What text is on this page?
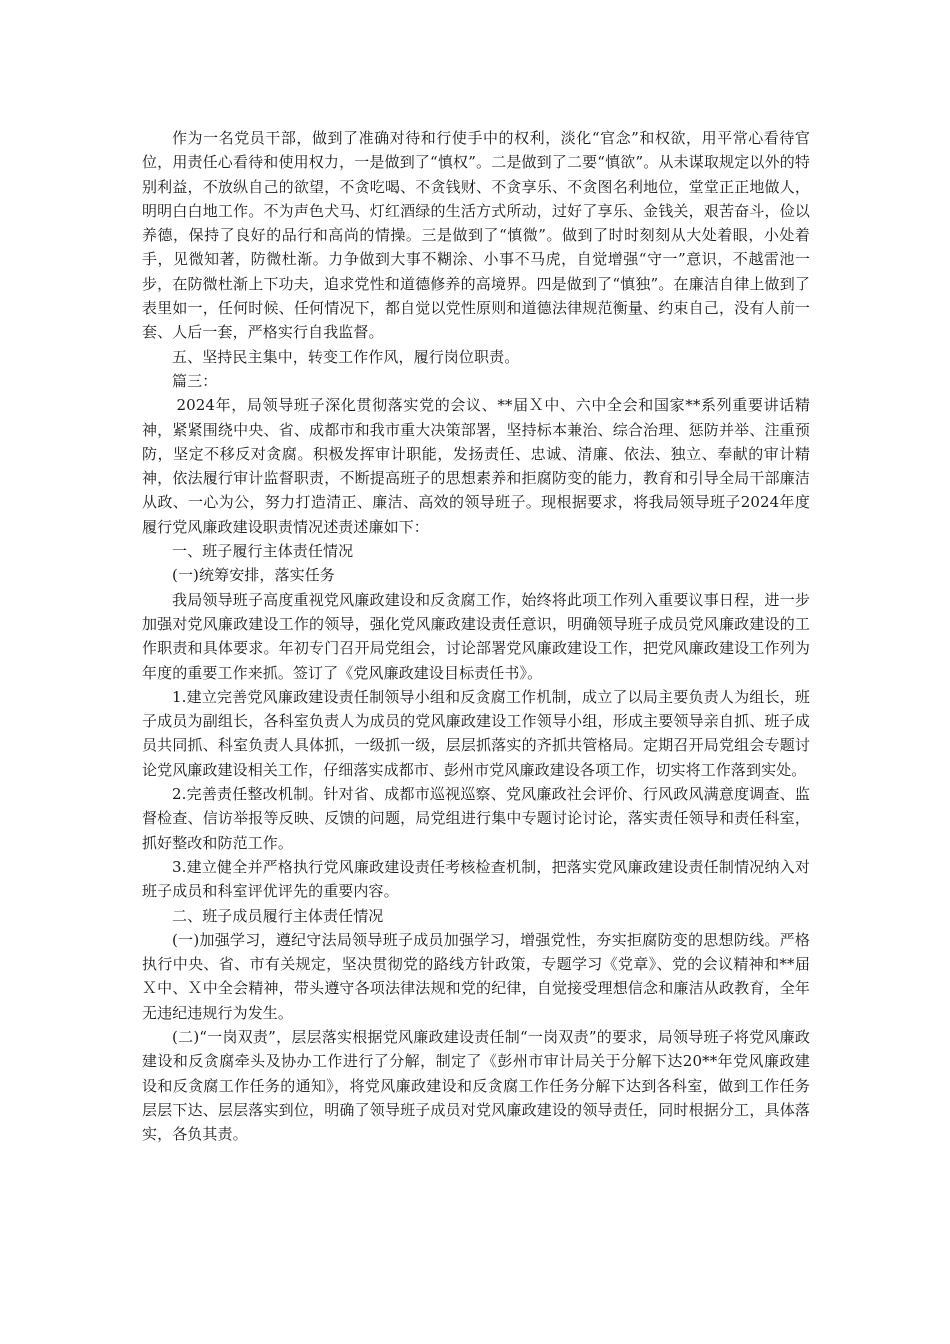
作为一名党员干部，做到了准确对待和行使手中的权利，淡化“官念”和权欲，用平常心看待官位，用责任心看待和使用权力，一是做到了“慎权”。二是做到了二要“慎欲”。从未谋取规定以外的特别利益，不放纵自己的欲望，不贪吃喝、不贪钱财、不贪享乐、不贪图名利地位，堂堂正正地做人，明明白白地工作。不为声色犬马、灯红酒绿的生活方式所动，过好了享乐、金钱关，艰苦奋斗，俭以养德，保持了良好的品行和高尚的情操。三是做到了“慎微”。做到了时时刻刻从大处着眼，小处着手，见微知著，防微杜渐。力争做到大事不糊涂、小事不马虎，自觉增强“守一”意识，不越雷池一步，在防微杜渐上下功夫，追求党性和道德修养的高境界。四是做到了“慎独”。在廉洁自律上做到了表里如一，任何时候、任何情况下，都自觉以党性原则和道德法律规范衡量、约束自己，没有人前一套、人后一套，严格实行自我监督。

五、坚持民主集中，转变工作作风，履行岗位职责。

篇三：

2024年，局领导班子深化贯彻落实党的会议、**届Ｘ中、六中全会和国家**系列重要讲话精神，紧紧围绕中央、省、成都市和我市重大决策部署，坚持标本兼治、综合治理、惩防并举、注重预防，坚定不移反对贪腐。积极发挥审计职能，发扬责任、忠诚、清廉、依法、独立、奉献的审计精神，依法履行审计监督职责，不断提高班子的思想素养和拒腐防变的能力，教育和引导全局干部廉洁从政、一心为公，努力打造清正、廉洁、高效的领导班子。现根据要求，将我局领导班子2024年度履行党风廉政建设职责情况述责述廉如下：

一、班子履行主体责任情况

(一)统筹安排，落实任务

我局领导班子高度重视党风廉政建设和反贪腐工作，始终将此项工作列入重要议事日程，进一步加强对党风廉政建设工作的领导，强化党风廉政建设责任意识，明确领导班子成员党风廉政建设的工作职责和具体要求。年初专门召开局党组会，讨论部署党风廉政建设工作，把党风廉政建设工作列为年度的重要工作来抓。签订了《党风廉政建设目标责任书》。

1.建立完善党风廉政建设责任制领导小组和反贪腐工作机制，成立了以局主要负责人为组长，班子成员为副组长，各科室负责人为成员的党风廉政建设工作领导小组，形成主要领导亲自抓、班子成员共同抓、科室负责人具体抓，一级抓一级，层层抓落实的齐抓共管格局。定期召开局党组会专题讨论党风廉政建设相关工作，仔细落实成都市、彭州市党风廉政建设各项工作，切实将工作落到实处。

2.完善责任整改机制。针对省、成都市巡视巡察、党风廉政社会评价、行风政风满意度调查、监督检查、信访举报等反映、反馈的问题，局党组进行集中专题讨论讨论，落实责任领导和责任科室，抓好整改和防范工作。

3.建立健全并严格执行党风廉政建设责任考核检查机制，把落实党风廉政建设责任制情况纳入对班子成员和科室评优评先的重要内容。

二、班子成员履行主体责任情况

(一)加强学习，遵纪守法局领导班子成员加强学习，增强党性，夯实拒腐防变的思想防线。严格执行中央、省、市有关规定，坚决贯彻党的路线方针政策，专题学习《党章》、党的会议精神和**届Ｘ中、Ｘ中全会精神，带头遵守各项法律法规和党的纪律，自觉接受理想信念和廉洁从政教育，全年无违纪违规行为发生。

(二)“一岗双责”，层层落实根据党风廉政建设责任制“一岗双责”的要求，局领导班子将党风廉政建设和反贪腐牵头及协办工作进行了分解，制定了《彭州市审计局关于分解下达20**年党风廉政建设和反贪腐工作任务的通知》，将党风廉政建设和反贪腐工作任务分解下达到各科室，做到工作任务层层下达、层层落实到位，明确了领导班子成员对党风廉政建设的领导责任，同时根据分工，具体落实，各负其责。
